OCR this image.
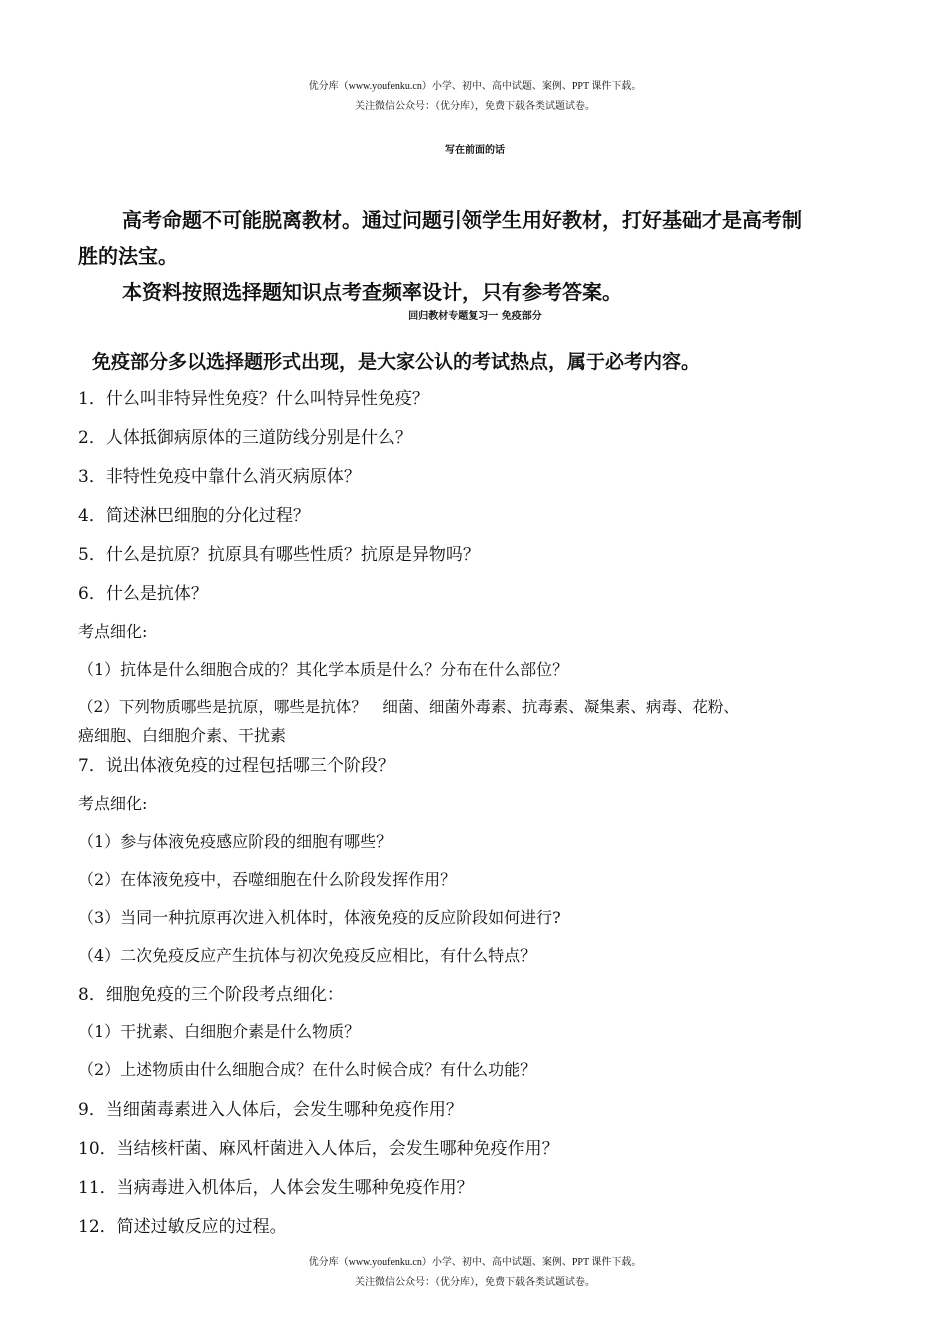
优分库（www.youfenku.cn）小学、初中、高中试题、案例、PPT 课件下载。
关注微信公众号：（优分库），免费下载各类试题试卷。
写在前面的话
高考命题不可能脱离教材。通过问题引领学生用好教材，打好基础才是高考制
胜的法宝。
本资料按照选择题知识点考查频率设计，只有参考答案。
回归教材专题复习一 免疫部分
免疫部分多以选择题形式出现，是大家公认的考试热点，属于必考内容。
1．什么叫非特异性免疫？什么叫特异性免疫？
2．人体抵御病原体的三道防线分别是什么？
3．非特性免疫中靠什么消灭病原体？
4．简述淋巴细胞的分化过程？
5．什么是抗原？抗原具有哪些性质？抗原是异物吗？
6．什么是抗体？
考点细化:
（1）抗体是什么细胞合成的？其化学本质是什么？分布在什么部位？
（2）下列物质哪些是抗原，哪些是抗体？　细菌、细菌外毒素、抗毒素、凝集素、病毒、花粉、
癌细胞、白细胞介素、干扰素
7．说出体液免疫的过程包括哪三个阶段？
考点细化:
（1）参与体液免疫感应阶段的细胞有哪些？
（2）在体液免疫中，吞噬细胞在什么阶段发挥作用？
（3）当同一种抗原再次进入机体时，体液免疫的反应阶段如何进行?
（4）二次免疫反应产生抗体与初次免疫反应相比，有什么特点？
8．细胞免疫的三个阶段考点细化：
（1）干扰素、白细胞介素是什么物质？
（2）上述物质由什么细胞合成？在什么时候合成？有什么功能？
9．当细菌毒素进入人体后，会发生哪种免疫作用？
10．当结核杆菌、麻风杆菌进入人体后，会发生哪种免疫作用？
11．当病毒进入机体后，人体会发生哪种免疫作用？
12．简述过敏反应的过程。
优分库（www.youfenku.cn）小学、初中、高中试题、案例、PPT 课件下载。
关注微信公众号：（优分库），免费下载各类试题试卷。
